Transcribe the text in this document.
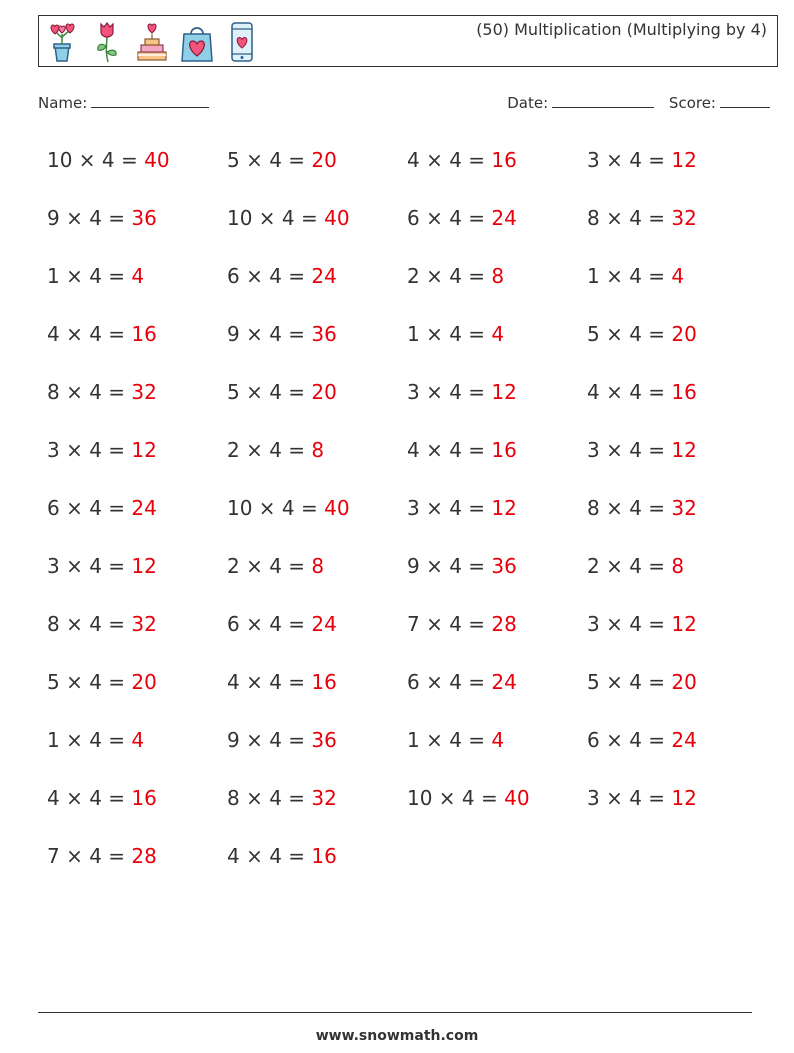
(50) Multiplication (Multiplying by 4)
Name:	Date:	Score:
10 × 4 = 40	5 × 4 = 20	4 × 4 = 16	3 × 4 = 12
9 × 4 = 36	10 × 4 = 40	6 × 4 = 24	8 × 4 = 32
1 × 4 = 4	6 × 4 = 24	2 × 4 = 8	1 × 4 = 4
4 × 4 = 16	9 × 4 = 36	1 × 4 = 4	5 × 4 = 20
8 × 4 = 32	5 × 4 = 20	3 × 4 = 12	4 × 4 = 16
3 × 4 = 12	2 × 4 = 8	4 × 4 = 16	3 × 4 = 12
6 × 4 = 24	10 × 4 = 40	3 × 4 = 12	8 × 4 = 32
3 × 4 = 12	2 × 4 = 8	9 × 4 = 36	2 × 4 = 8
8 × 4 = 32	6 × 4 = 24	7 × 4 = 28	3 × 4 = 12
5 × 4 = 20	4 × 4 = 16	6 × 4 = 24	5 × 4 = 20
1 × 4 = 4	9 × 4 = 36	1 × 4 = 4	6 × 4 = 24
4 × 4 = 16	8 × 4 = 32	10 × 4 = 40	3 × 4 = 12
7 × 4 = 28	4 × 4 = 16
www.snowmath.com
